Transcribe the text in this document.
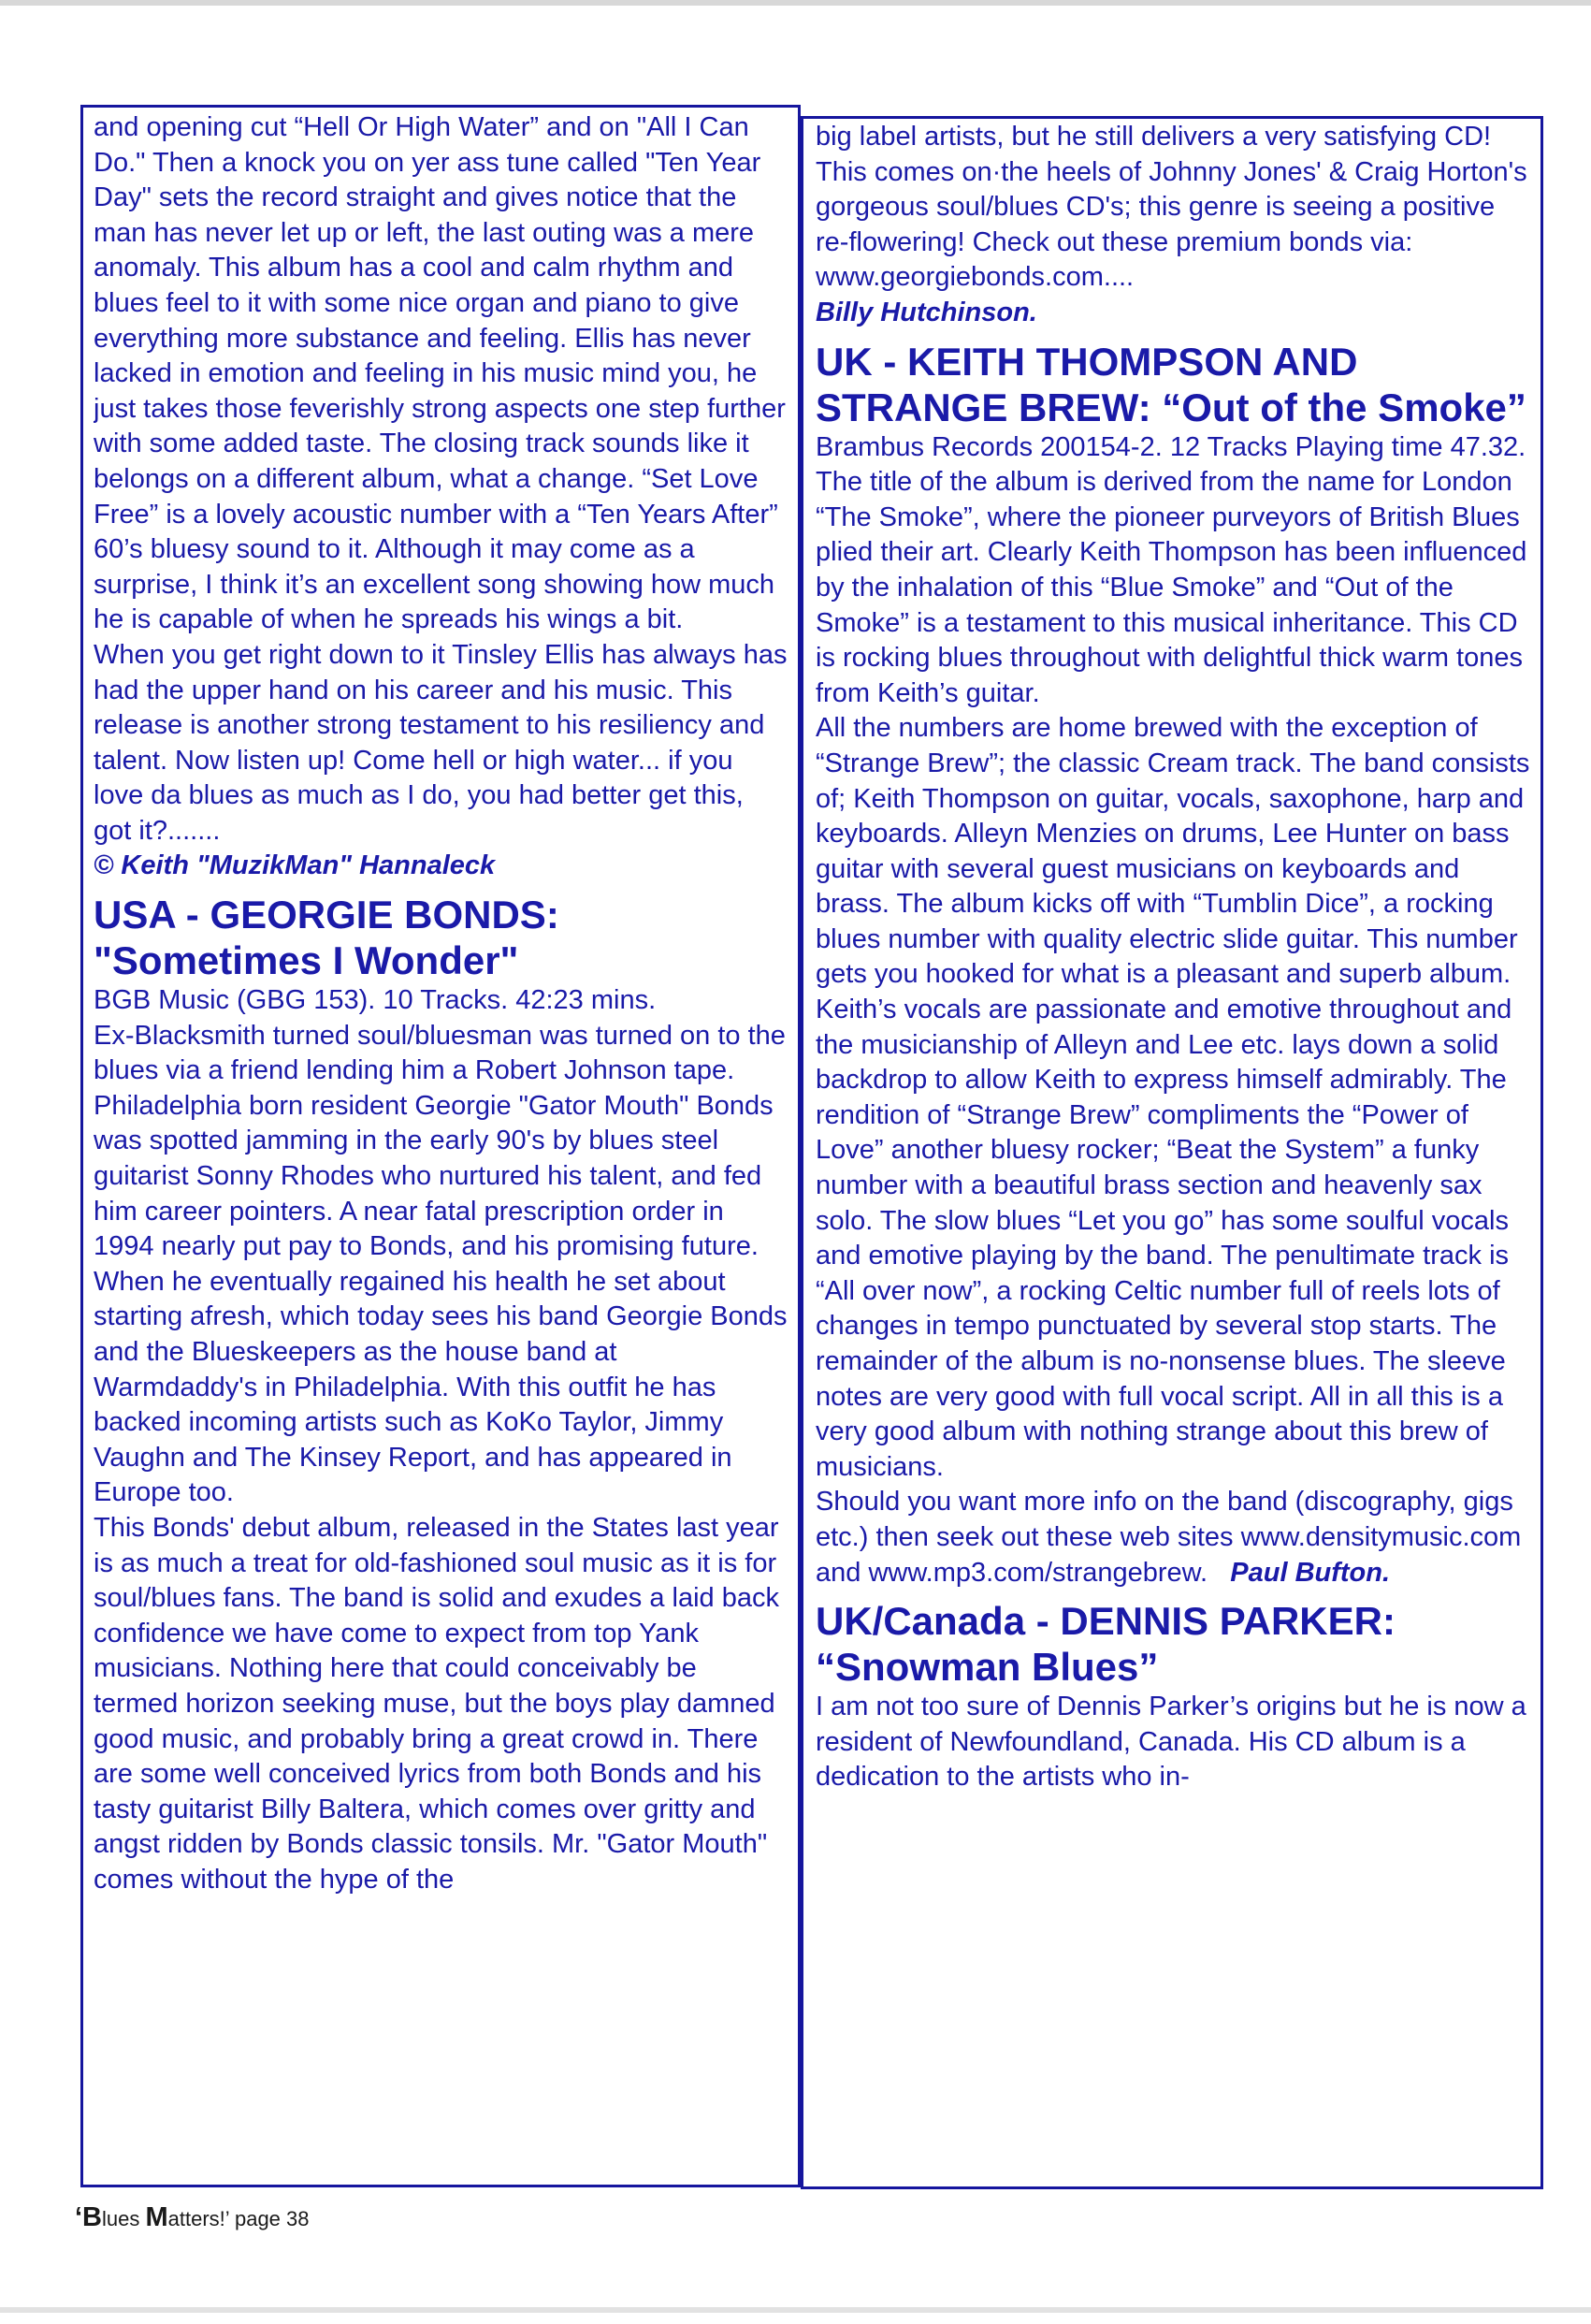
and opening cut “Hell Or High Water” and on "All I Can Do." Then a knock you on yer ass tune called "Ten Year Day" sets the record straight and gives notice that the man has never let up or left, the last outing was a mere anomaly. This album has a cool and calm rhythm and blues feel to it with some nice organ and piano to give everything more substance and feeling. Ellis has never lacked in emotion and feeling in his music mind you, he just takes those feverishly strong aspects one step further with some added taste. The closing track sounds like it belongs on a different album, what a change. “Set Love Free” is a lovely acoustic number with a “Ten Years After” 60’s bluesy sound to it. Although it may come as a surprise, I think it’s an excellent song showing how much he is capable of when he spreads his wings a bit.

When you get right down to it Tinsley Ellis has always has had the upper hand on his career and his music. This release is another strong testament to his resiliency and talent. Now listen up! Come hell or high water... if you love da blues as much as I do, you had better get this, got it?.......

© Keith "MuzikMan" Hannaleck

USA - GEORGIE BONDS: "Sometimes I Wonder"

BGB Music (GBG 153). 10 Tracks. 42:23 mins.

Ex-Blacksmith turned soul/bluesman was turned on to the blues via a friend lending him a Robert Johnson tape. Philadelphia born resident Georgie "Gator Mouth" Bonds was spotted jamming in the early 90's by blues steel guitarist Sonny Rhodes who nurtured his talent, and fed him career pointers. A near fatal prescription order in 1994 nearly put pay to Bonds, and his promising future. When he eventually regained his health he set about starting afresh, which today sees his band Georgie Bonds and the Blueskeepers as the house band at Warmdaddy's in Philadelphia. With this outfit he has backed incoming artists such as KoKo Taylor, Jimmy Vaughn and The Kinsey Report, and has appeared in Europe too.

This Bonds' debut album, released in the States last year is as much a treat for old-fashioned soul music as it is for soul/blues fans. The band is solid and exudes a laid back confidence we have come to expect from top Yank musicians. Nothing here that could conceivably be termed horizon seeking muse, but the boys play damned good music, and probably bring a great crowd in. There are some well conceived lyrics from both Bonds and his tasty guitarist Billy Baltera, which comes over gritty and angst ridden by Bonds classic tonsils. Mr. "Gator Mouth" comes without the hype of the

big label artists, but he still delivers a very satisfying CD!

This comes on·the heels of Johnny Jones' & Craig Horton's gorgeous soul/blues CD's; this genre is seeing a positive re-flowering! Check out these premium bonds via: www.georgiebonds.com....

Billy Hutchinson.

UK - KEITH THOMPSON AND STRANGE BREW: “Out of the Smoke”

Brambus Records 200154-2. 12 Tracks Playing time 47.32.

The title of the album is derived from the name for London “The Smoke”, where the pioneer purveyors of British Blues plied their art. Clearly Keith Thompson has been influenced by the inhalation of this “Blue Smoke” and “Out of the Smoke” is a testament to this musical inheritance. This CD is rocking blues throughout with delightful thick warm tones from Keith’s guitar.

All the numbers are home brewed with the exception of “Strange Brew”; the classic Cream track. The band consists of; Keith Thompson on guitar, vocals, saxophone, harp and keyboards. Alleyn Menzies on drums, Lee Hunter on bass guitar with several guest musicians on keyboards and brass. The album kicks off with “Tumblin Dice”, a rocking blues number with quality electric slide guitar. This number gets you hooked for what is a pleasant and superb album. Keith’s vocals are passionate and emotive throughout and the musicianship of Alleyn and Lee etc. lays down a solid backdrop to allow Keith to express himself admirably. The rendition of “Strange Brew” compliments the “Power of Love” another bluesy rocker; “Beat the System” a funky number with a beautiful brass section and heavenly sax solo. The slow blues “Let you go” has some soulful vocals and emotive playing by the band. The penultimate track is “All over now”, a rocking Celtic number full of reels lots of changes in tempo punctuated by several stop starts. The remainder of the album is no-nonsense blues. The sleeve notes are very good with full vocal script. All in all this is a very good album with nothing strange about this brew of musicians.

Should you want more info on the band (discography, gigs etc.) then seek out these web sites www.densitymusic.com and www.mp3.com/strangebrew. Paul Bufton.

UK/Canada - DENNIS PARKER: “Snowman Blues”

I am not too sure of Dennis Parker’s origins but he is now a resident of Newfoundland, Canada. His CD album is a dedication to the artists who in-

‘Blues Matters!’ page 38
